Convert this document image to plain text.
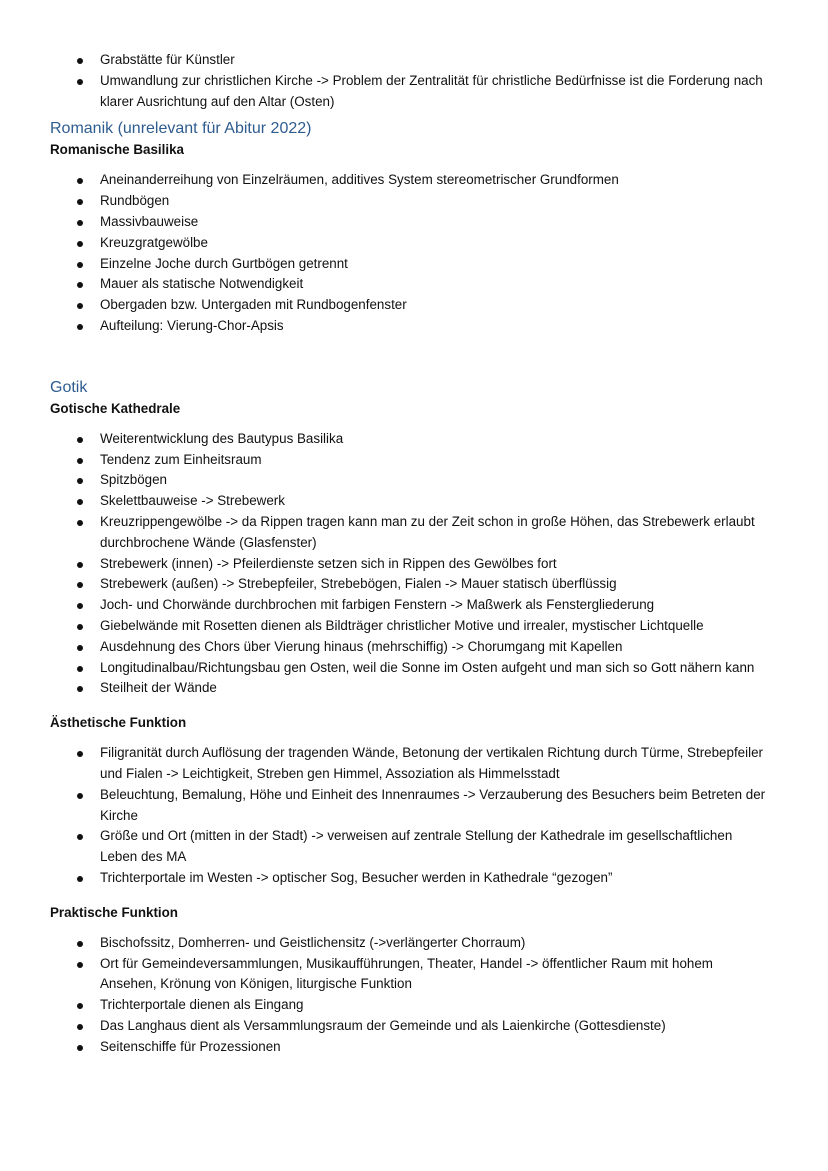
Grabstätte für Künstler
Umwandlung zur christlichen Kirche -> Problem der Zentralität für christliche Bedürfnisse ist die Forderung nach klarer Ausrichtung auf den Altar (Osten)
Romanik (unrelevant für Abitur 2022)
Romanische Basilika
Aneinanderreihung von Einzelräumen, additives System stereometrischer Grundformen
Rundbögen
Massivbauweise
Kreuzgratgewölbe
Einzelne Joche durch Gurtbögen getrennt
Mauer als statische Notwendigkeit
Obergaden bzw. Untergaden mit Rundbogenfenster
Aufteilung: Vierung-Chor-Apsis
Gotik
Gotische Kathedrale
Weiterentwicklung des Bautypus Basilika
Tendenz zum Einheitsraum
Spitzbögen
Skelettbauweise -> Strebewerk
Kreuzrippengewölbe -> da Rippen tragen kann man zu der Zeit schon in große Höhen, das Strebewerk erlaubt durchbrochene Wände (Glasfenster)
Strebewerk (innen) -> Pfeilerdienste setzen sich in Rippen des Gewölbes fort
Strebewerk (außen) -> Strebepfeiler, Strebebögen, Fialen -> Mauer statisch überflüssig
Joch- und Chorwände durchbrochen mit farbigen Fenstern -> Maßwerk als Fenstergliederung
Giebelwände mit Rosetten dienen als Bildträger christlicher Motive und irrealer, mystischer Lichtquelle
Ausdehnung des Chors über Vierung hinaus (mehrschiffig) -> Chorumgang mit Kapellen
Longitudinalbau/Richtungsbau gen Osten, weil die Sonne im Osten aufgeht und man sich so Gott nähern kann
Steilheit der Wände
Ästhetische Funktion
Filigranität durch Auflösung der tragenden Wände, Betonung der vertikalen Richtung durch Türme, Strebepfeiler und Fialen -> Leichtigkeit, Streben gen Himmel, Assoziation als Himmelsstadt
Beleuchtung, Bemalung, Höhe und Einheit des Innenraumes -> Verzauberung des Besuchers beim Betreten der Kirche
Größe und Ort (mitten in der Stadt) -> verweisen auf zentrale Stellung der Kathedrale im gesellschaftlichen Leben des MA
Trichterportale im Westen -> optischer Sog, Besucher werden in Kathedrale “gezogen”
Praktische Funktion
Bischofssitz, Domherren- und Geistlichensitz (->verlängerter Chorraum)
Ort für Gemeindeversammlungen, Musikaufführungen, Theater, Handel -> öffentlicher Raum mit hohem Ansehen, Krönung von Königen, liturgische Funktion
Trichterportale dienen als Eingang
Das Langhaus dient als Versammlungsraum der Gemeinde und als Laienkirche (Gottesdienste)
Seitenschiffe für Prozessionen
